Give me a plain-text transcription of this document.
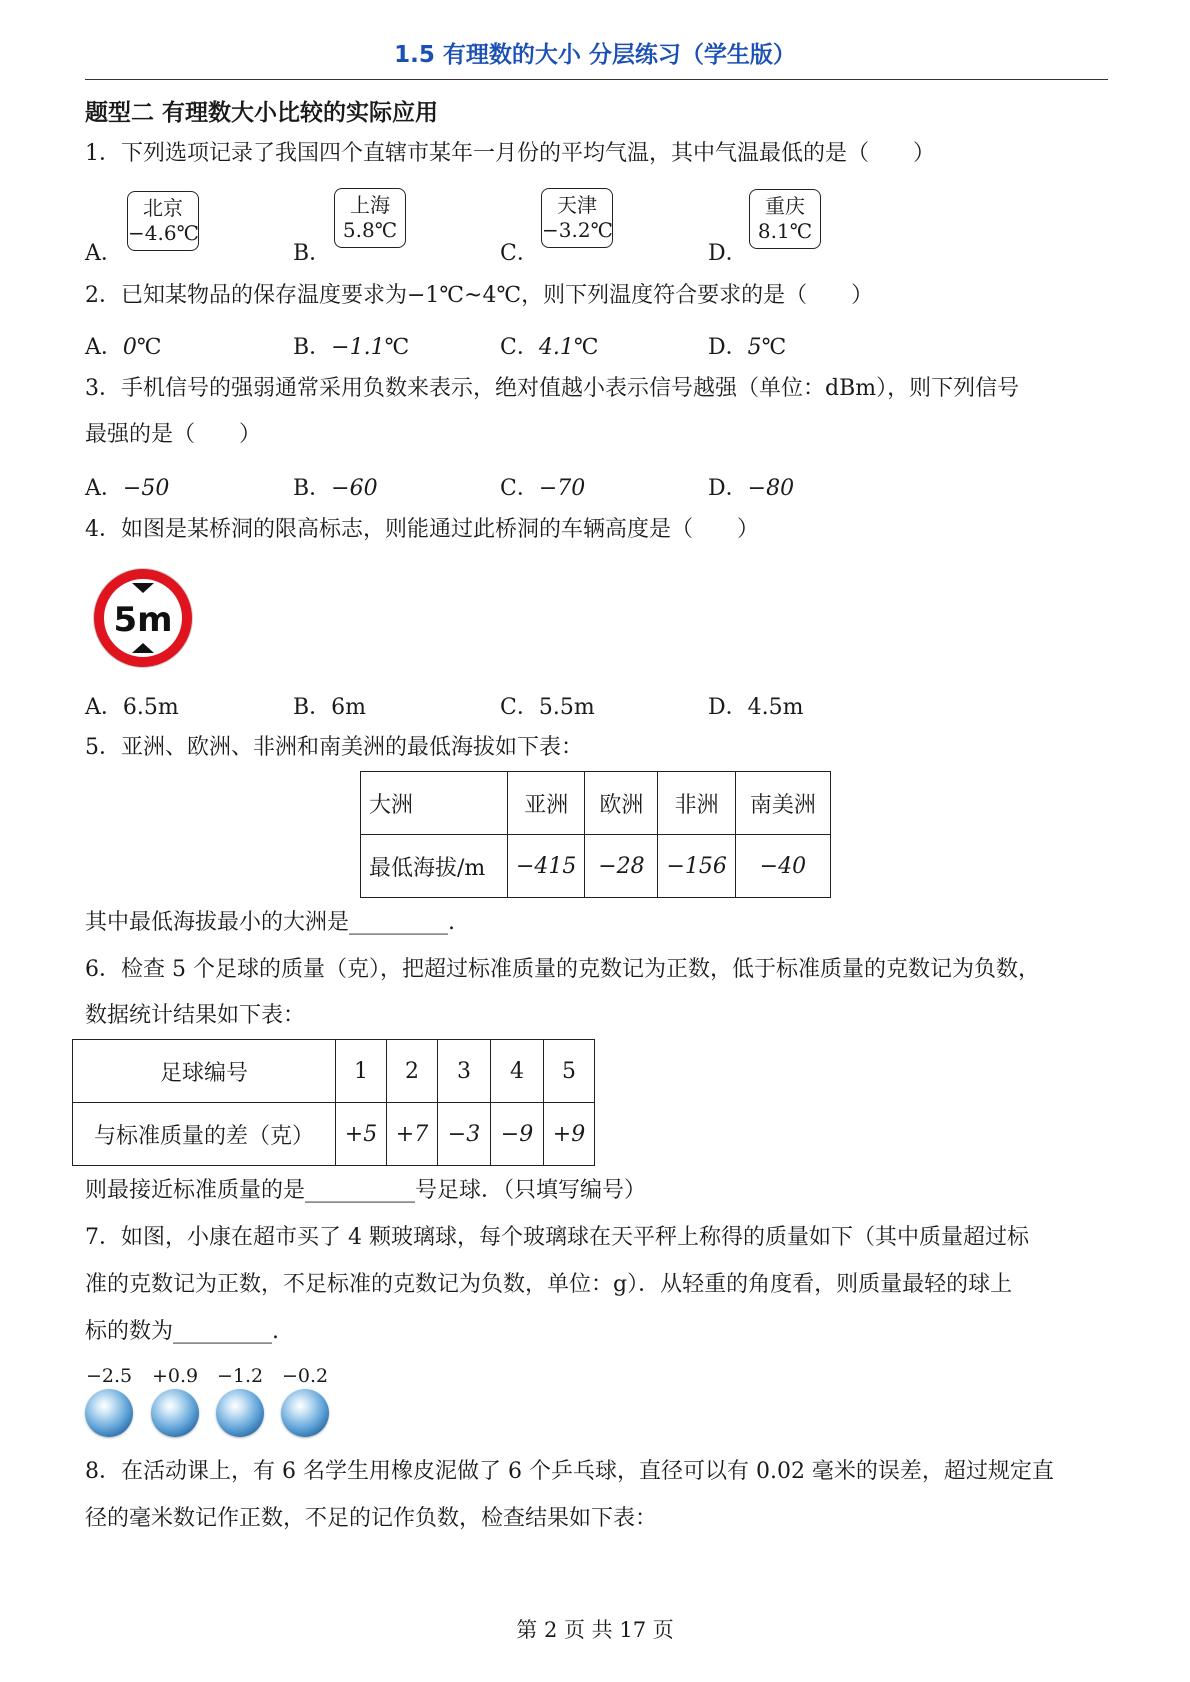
1.5 有理数的大小 分层练习（学生版）
题型二 有理数大小比较的实际应用
1．下列选项记录了我国四个直辖市某年一月份的平均气温，其中气温最低的是（　　）
A．
北京
−4.6℃
B．
上海
5.8℃
C．
天津
−3.2℃
D．
重庆
8.1℃
2．已知某物品的保存温度要求为−1℃~4℃，则下列温度符合要求的是（　　）
A．0℃	B．−1.1℃	C．4.1℃	D．5℃
3．手机信号的强弱通常采用负数来表示，绝对值越小表示信号越强（单位：dBm），则下列信号
最强的是（　　）
A．−50	B．−60	C．−70	D．−80
4．如图是某桥洞的限高标志，则能通过此桥洞的车辆高度是（　　）
5m
A．6.5m	B．6m	C．5.5m	D．4.5m
5．亚洲、欧洲、非洲和南美洲的最低海拔如下表：
大洲	亚洲	欧洲	非洲	南美洲
最低海拔/m	−415	−28	−156	−40
其中最低海拔最小的大洲是_________.
6．检查 5 个足球的质量（克），把超过标准质量的克数记为正数，低于标准质量的克数记为负数，
数据统计结果如下表：
足球编号	1	2	3	4	5
与标准质量的差（克）	+5	+7	−3	−9	+9
则最接近标准质量的是__________号足球．（只填写编号）
7．如图，小康在超市买了 4 颗玻璃球，每个玻璃球在天平秤上称得的质量如下（其中质量超过标
准的克数记为正数，不足标准的克数记为负数，单位：g）．从轻重的角度看，则质量最轻的球上
标的数为_________.
−2.5 +0.9 −1.2 −0.2
8．在活动课上，有 6 名学生用橡皮泥做了 6 个乒乓球，直径可以有 0.02 毫米的误差，超过规定直
径的毫米数记作正数，不足的记作负数，检查结果如下表：
第 2 页 共 17 页
